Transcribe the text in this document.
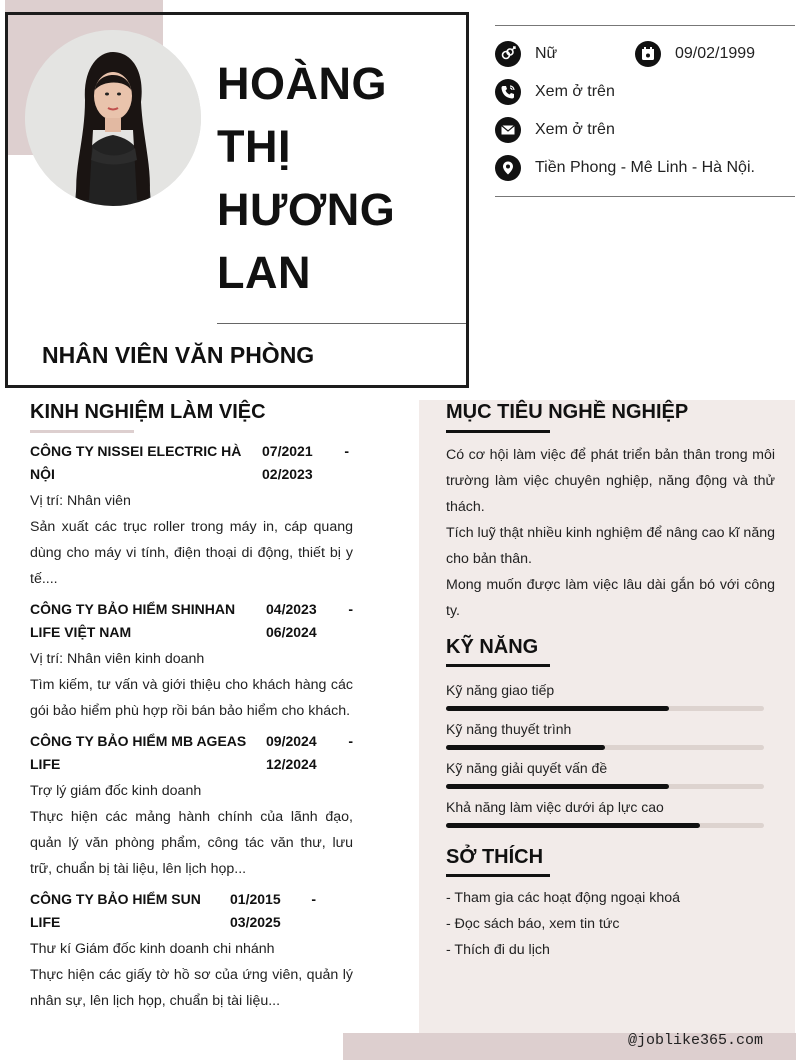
HOÀNG
THỊ
HƯƠNG
LAN
NHÂN VIÊN VĂN PHÒNG
Nữ	09/02/1999
Xem ở trên
Xem ở trên
Tiền Phong - Mê Linh - Hà Nội.
@joblike365.com
KINH NGHIỆM LÀM VIỆC
CÔNG TY NISSEI ELECTRIC HÀ NỘI
07/2021	-
02/2023
Vị trí: Nhân viên
Sản xuất các trục roller trong máy in, cáp quang dùng cho máy vi tính, điện thoại di động, thiết bị y tế....
CÔNG TY BẢO HIỂM SHINHAN LIFE VIỆT NAM
04/2023	-
06/2024
Vị trí: Nhân viên kinh doanh
Tìm kiếm, tư vấn và giới thiệu cho khách hàng các gói bảo hiểm phù hợp rồi bán bảo hiểm cho khách.
CÔNG TY BẢO HIỂM MB AGEAS LIFE
09/2024	-
12/2024
Trợ lý giám đốc kinh doanh
Thực hiện các mảng hành chính của lãnh đạo, quản lý văn phòng phẩm, công tác văn thư, lưu trữ, chuẩn bị tài liệu, lên lịch họp...
CÔNG TY BẢO HIỂM SUN LIFE
01/2015	-
03/2025
Thư kí Giám đốc kinh doanh chi nhánh
Thực hiện các giấy tờ hồ sơ của ứng viên, quản lý nhân sự, lên lịch họp, chuẩn bị tài liệu...
MỤC TIÊU NGHỀ NGHIỆP
Có cơ hội làm việc để phát triển bản thân trong môi trường làm việc chuyên nghiệp, năng động và thử thách.
Tích luỹ thật nhiều kinh nghiệm để nâng cao kĩ năng cho bản thân.
Mong muốn được làm việc lâu dài gắn bó với công ty.
KỸ NĂNG
Kỹ năng giao tiếp
Kỹ năng thuyết trình
Kỹ năng giải quyết vấn đề
Khả năng làm việc dưới áp lực cao
SỞ THÍCH
- Tham gia các hoạt động ngoại khoá
- Đọc sách báo, xem tin tức
- Thích đi du lịch
